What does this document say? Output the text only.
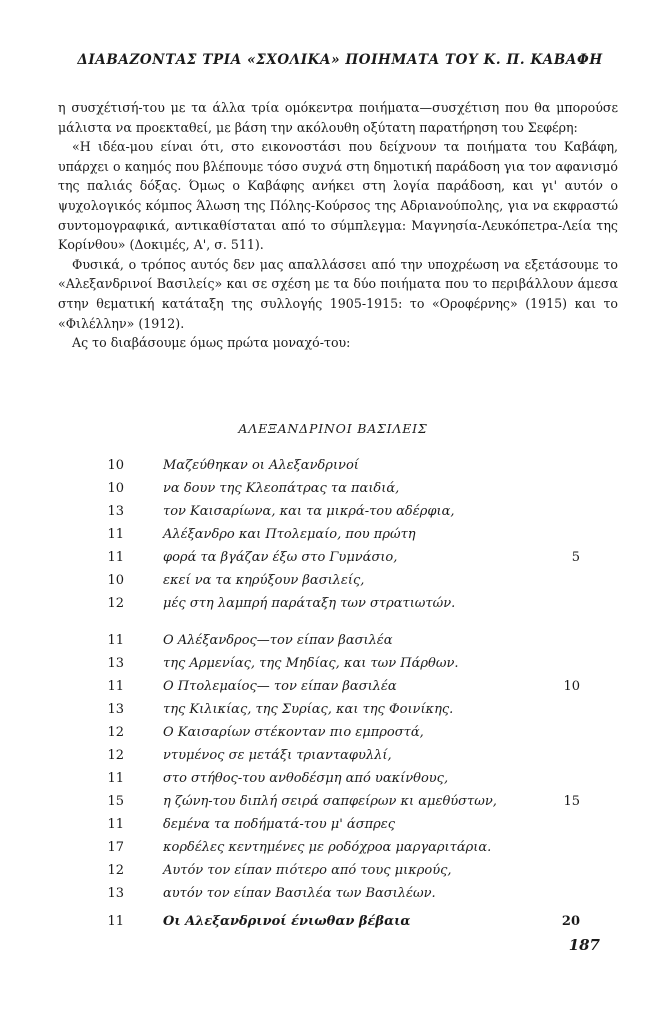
ΔΙΑΒΑΖΟΝΤΑΣ ΤΡΙΑ «ΣΧΟΛΙΚΑ» ΠΟΙΗΜΑΤΑ ΤΟΥ Κ. Π. ΚΑΒΑΦΗ

η συσχέτισή-του με τα άλλα τρία ομόκεντρα ποιήματα—συσχέτιση που θα μπορούσε μάλιστα να προεκταθεί, με βάση την ακόλουθη οξύτατη παρατήρηση του Σεφέρη:

«Η ιδέα-μου είναι ότι, στο εικονοστάσι που δείχνουν τα ποιήματα του Καβάφη, υπάρχει ο καημός που βλέπουμε τόσο συχνά στη δημοτική παράδοση για τον αφανισμό της παλιάς δόξας. Όμως ο Καβάφης ανήκει στη λογία παράδοση, και γι' αυτόν ο ψυχολογικός κόμπος Άλωση της Πόλης-Κούρσος της Αδριανούπολης, για να εκφραστώ συντομογραφικά, αντικαθίσταται από το σύμπλεγμα: Μαγνησία-Λευκόπετρα-Λεία της Κορίνθου» (Δοκιμές, Α', σ. 511).

Φυσικά, ο τρόπος αυτός δεν μας απαλλάσσει από την υποχρέωση να εξετάσουμε το «Αλεξανδρινοί Βασιλείς» και σε σχέση με τα δύο ποιήματα που το περιβάλλουν άμεσα στην θεματική κατάταξη της συλλογής 1905-1915: το «Οροφέρνης» (1915) και το «Φιλέλλην» (1912).

Ας το διαβάσουμε όμως πρώτα μοναχό-του:

ΑΛΕΞΑΝΔΡΙΝΟΙ ΒΑΣΙΛΕΙΣ
10	Μαζεύθηκαν οι Αλεξανδρινοί
10	να δουν της Κλεοπάτρας τα παιδιά,
13	τον Καισαρίωνα, και τα μικρά-του αδέρφια,
11	Αλέξανδρο και Πτολεμαίο, που πρώτη
11	φορά τα βγάζαν έξω στο Γυμνάσιο,	5
10	εκεί να τα κηρύξουν βασιλείς,
12	μές στη λαμπρή παράταξη των στρατιωτών.
11	Ο Αλέξανδρος—τον είπαν βασιλέα
13	της Αρμενίας, της Μηδίας, και των Πάρθων.
11	Ο Πτολεμαίος— τον είπαν βασιλέα	10
13	της Κιλικίας, της Συρίας, και της Φοινίκης.
12	Ο Καισαρίων στέκονταν πιο εμπροστά,
12	ντυμένος σε μετάξι τριανταφυλλί,
11	στο στήθος-του ανθοδέσμη από υακίνθους,
15	η ζώνη-του διπλή σειρά σαπφείρων κι αμεθύστων,	15
11	δεμένα τα ποδήματά-του μ' άσπρες
17	κορδέλες κεντημένες με ροδόχροα μαργαριτάρια.
12	Αυτόν τον είπαν πιότερο από τους μικρούς,
13	αυτόν τον είπαν Βασιλέα των Βασιλέων.
11	Οι Αλεξανδρινοί ένιωθαν βέβαια	20
187
